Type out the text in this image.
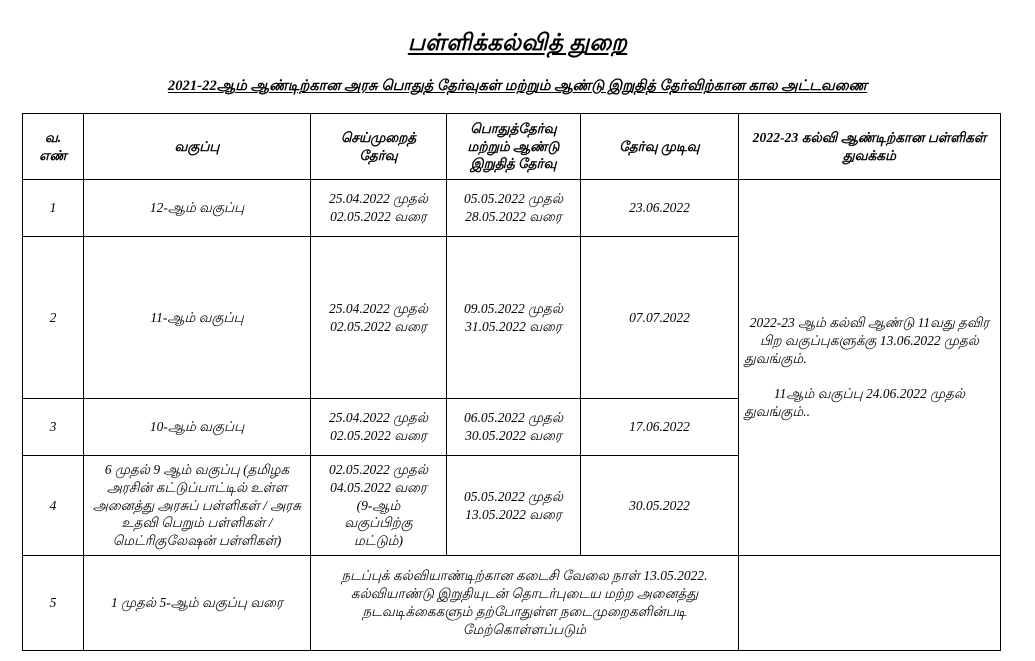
பள்ளிக்கல்வித் துறை
2021-22ஆம் ஆண்டிற்கான அரசு பொதுத் தேர்வுகள் மற்றும் ஆண்டு இறுதித் தேர்விற்கான கால அட்டவணை
வ.
எண்	வகுப்பு	செய்முறைத்
தேர்வு	பொதுத்தேர்வு
மற்றும் ஆண்டு
இறுதித் தேர்வு	தேர்வு முடிவு	2022-23 கல்வி ஆண்டிற்கான பள்ளிகள் துவக்கம்
1	12-ஆம் வகுப்பு	25.04.2022 முதல்
02.05.2022 வரை	05.05.2022 முதல்
28.05.2022 வரை	23.06.2022	

2022-23 ஆம் கல்வி ஆண்டு 11வது தவிர பிற வகுப்புகளுக்கு 13.06.2022 முதல் துவங்கும்.

11ஆம் வகுப்பு 24.06.2022 முதல் துவங்கும்..

2	11-ஆம் வகுப்பு	25.04.2022 முதல்
02.05.2022 வரை	09.05.2022 முதல்
31.05.2022 வரை	07.07.2022	
3	10-ஆம் வகுப்பு	25.04.2022 முதல்
02.05.2022 வரை	06.05.2022 முதல்
30.05.2022 வரை	17.06.2022	
4	6 முதல் 9 ஆம் வகுப்பு (தமிழக அரசின் கட்டுப்பாட்டில் உள்ள அனைத்து அரசுப் பள்ளிகள் / அரசு உதவி பெறும் பள்ளிகள் / மெட்ரிகுலேஷன் பள்ளிகள்)	02.05.2022 முதல்
04.05.2022 வரை
(9-ஆம்
வகுப்பிற்கு
மட்டும்)	05.05.2022 முதல்
13.05.2022 வரை	30.05.2022	
5	1 முதல் 5-ஆம் வகுப்பு வரை	நடப்புக் கல்வியாண்டிற்கான கடைசி வேலை நாள் 13.05.2022. கல்வியாண்டு இறுதியுடன் தொடர்புடைய மற்ற அனைத்து நடவடிக்கைகளும் தற்போதுள்ள நடைமுறைகளின்படி மேற்கொள்ளப்படும்			
